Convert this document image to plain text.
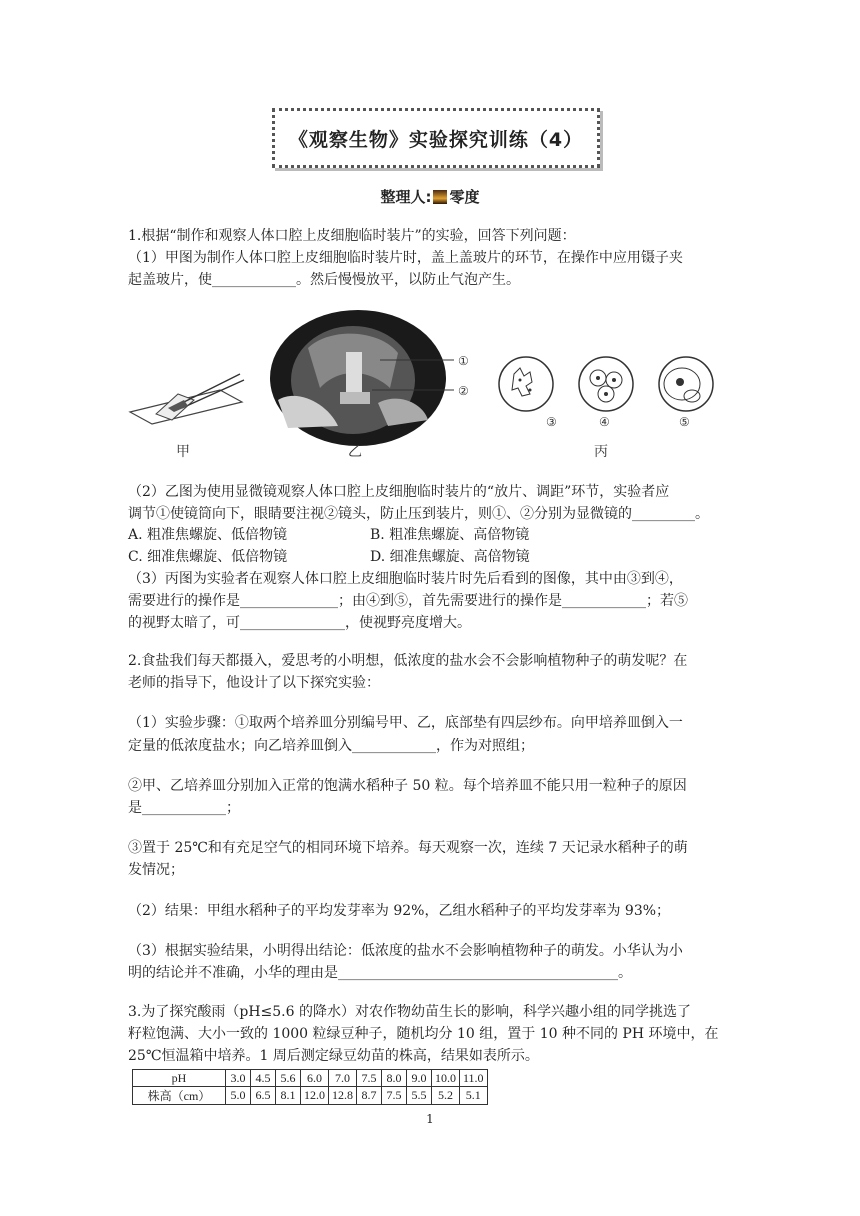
《观察生物》实验探究训练（4）
整理人: 零度
1.根据“制作和观察人体口腔上皮细胞临时装片”的实验，回答下列问题：
（1）甲图为制作人体口腔上皮细胞临时装片时，盖上盖玻片的环节，在操作中应用镊子夹
起盖玻片，使____________。然后慢慢放平，以防止气泡产生。
①
②
③	④	⑤
甲	乙	丙
（2）乙图为使用显微镜观察人体口腔上皮细胞临时装片的“放片、调距”环节，实验者应
调节①使镜筒向下，眼睛要注视②镜头，防止压到装片，则①、②分别为显微镜的_________。
A. 粗准焦螺旋、低倍物镜	B. 粗准焦螺旋、高倍物镜
C. 细准焦螺旋、低倍物镜	D. 细准焦螺旋、高倍物镜
（3）丙图为实验者在观察人体口腔上皮细胞临时装片时先后看到的图像，其中由③到④，
需要进行的操作是______________；由④到⑤，首先需要进行的操作是____________；若⑤
的视野太暗了，可_______________，使视野亮度增大。
2.食盐我们每天都摄入，爱思考的小明想，低浓度的盐水会不会影响植物种子的萌发呢？在
老师的指导下，他设计了以下探究实验：
（1）实验步骤：①取两个培养皿分别编号甲、乙，底部垫有四层纱布。向甲培养皿倒入一
定量的低浓度盐水；向乙培养皿倒入____________，作为对照组；
②甲、乙培养皿分别加入正常的饱满水稻种子 50 粒。每个培养皿不能只用一粒种子的原因
是____________；
③置于 25℃和有充足空气的相同环境下培养。每天观察一次，连续 7 天记录水稻种子的萌
发情况；
（2）结果：甲组水稻种子的平均发芽率为 92%，乙组水稻种子的平均发芽率为 93%；
（3）根据实验结果，小明得出结论：低浓度的盐水不会影响植物种子的萌发。小华认为小
明的结论并不准确，小华的理由是________________________________________。
3.为了探究酸雨（pH≤5.6 的降水）对农作物幼苗生长的影响，科学兴趣小组的同学挑选了
籽粒饱满、大小一致的 1000 粒绿豆种子，随机均分 10 组，置于 10 种不同的 PH 环境中，在
25℃恒温箱中培养。1 周后测定绿豆幼苗的株高，结果如表所示。
pH	3.0	4.5	5.6	6.0	7.0	7.5	8.0	9.0	10.0	11.0
株高（cm）	5.0	6.5	8.1	12.0	12.8	8.7	7.5	5.5	5.2	5.1
1
